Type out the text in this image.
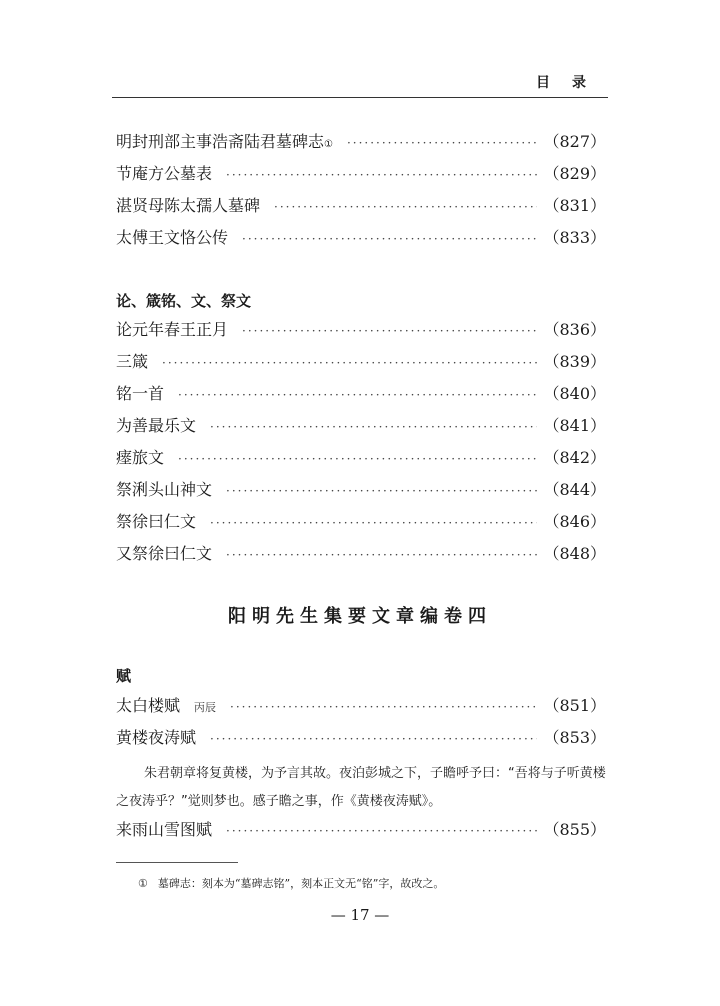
目录
明封刑部主事浩斋陆君墓碑志 ① ·····	（827）
节庵方公墓表 ·····	（829）
湛贤母陈太孺人墓碑 ·····	（831）
太傅王文恪公传 ·····	（833）
论、箴铭、文、祭文
论元年春王正月 ·····	（836）
三箴 ·····	（839）
铭一首 ·····	（840）
为善最乐文 ·····	（841）
瘗旅文 ·····	（842）
祭浰头山神文 ·····	（844）
祭徐曰仁文 ·····	（846）
又祭徐曰仁文 ·····	（848）
阳明先生集要文章编卷四
赋
太白楼赋 丙辰 ·····	（851）
黄楼夜涛赋 ·····	（853）
朱君朝章将复黄楼，为予言其故。夜泊彭城之下，子瞻呼予曰：“吾将与子听黄楼之夜涛乎？”觉则梦也。感子瞻之事，作《黄楼夜涛赋》。
来雨山雪图赋 ·····	（855）
① 墓碑志：刻本为“墓碑志铭”，刻本正文无“铭”字，故改之。
— 17 —
